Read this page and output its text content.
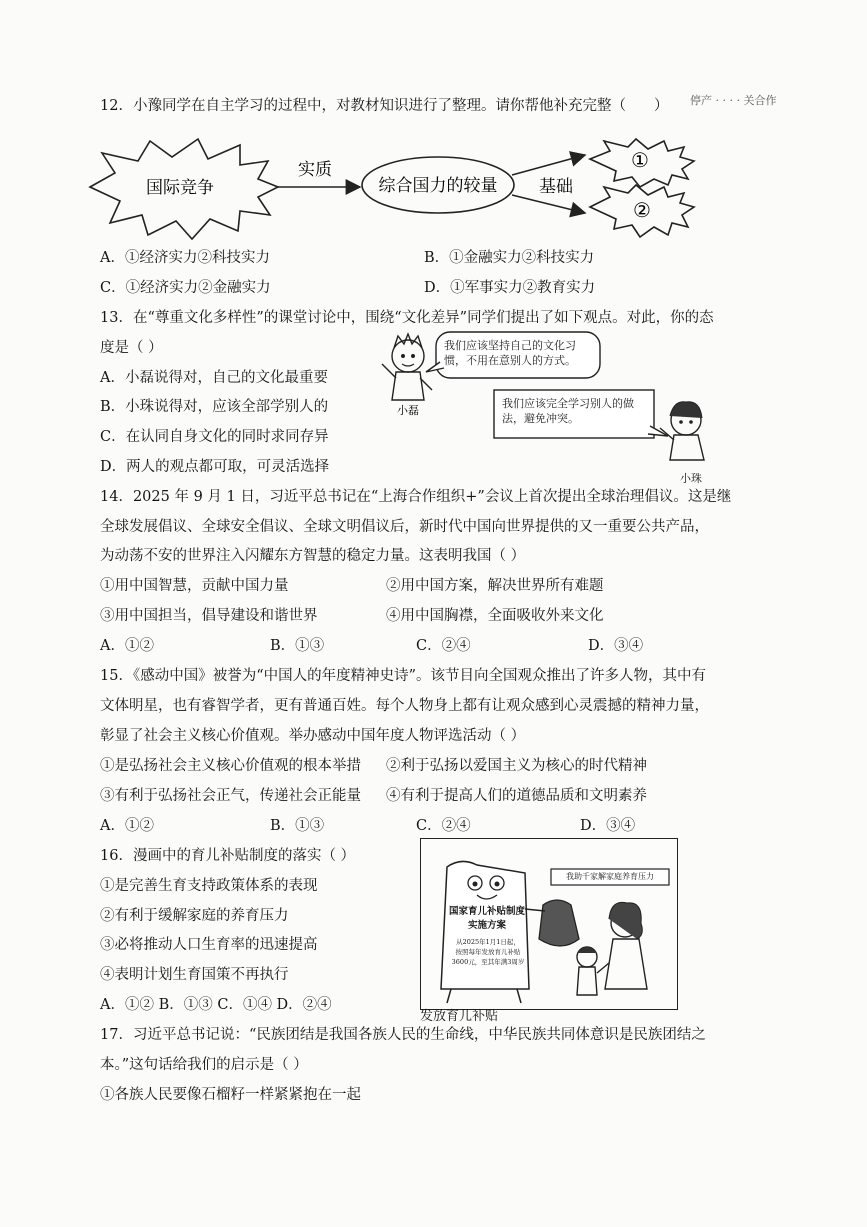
12．小豫同学在自主学习的过程中，对教材知识进行了整理。请你帮他补充完整（ ） 停产 · · · · 关合作
国际竞争
实质
综合国力的较量 基础
①
②
A．①经济实力②科技实力	B．①金融实力②科技实力
C．①经济实力②金融实力	D．①军事实力②教育实力
13．在“尊重文化多样性”的课堂讨论中，围绕“文化差异”同学们提出了如下观点。对此，你的态
度是（ ）
A．小磊说得对，自己的文化最重要
B．小珠说得对，应该全部学别人的
C．在认同自身文化的同时求同存异
D．两人的观点都可取，可灵活选择
小磊
我们应该坚持自己的文化习惯，不用在意别人的方式。
我们应该完全学习别人的做法，避免冲突。
小珠
14．2025 年 9 月 1 日，习近平总书记在“上海合作组织+”会议上首次提出全球治理倡议。这是继
全球发展倡议、全球安全倡议、全球文明倡议后，新时代中国向世界提供的又一重要公共产品，
为动荡不安的世界注入闪耀东方智慧的稳定力量。这表明我国（ ）
①用中国智慧，贡献中国力量	②用中国方案，解决世界所有难题
③用中国担当，倡导建设和谐世界	④用中国胸襟，全面吸收外来文化
A．①②	B．①③	C．②④	D．③④
15．《感动中国》被誉为“中国人的年度精神史诗”。该节目向全国观众推出了许多人物，其中有
文体明星，也有睿智学者，更有普通百姓。每个人物身上都有让观众感到心灵震撼的精神力量，
彰显了社会主义核心价值观。举办感动中国年度人物评选活动（ ）
①是弘扬社会主义核心价值观的根本举措 ②利于弘扬以爱国主义为核心的时代精神
③有利于弘扬社会正气，传递社会正能量 ④有利于提高人们的道德品质和文明素养
A．①②	B．①③	C．②④	D．③④
16．漫画中的育儿补贴制度的落实（ ）
①是完善生育支持政策体系的表现
②有利于缓解家庭的养育压力
③必将推动人口生育率的迅速提高
④表明计划生育国策不再执行
A．①② B．①③ C．①④ D．②④
我助千家解家庭养育压力
国家育儿补贴制度
实施方案
从2025年1月1日起，
按照每年发放育儿补贴
3600元，至其年满3周岁
发放育儿补贴
17．习近平总书记说：“民族团结是我国各族人民的生命线，中华民族共同体意识是民族团结之
本。”这句话给我们的启示是（ ）
①各族人民要像石榴籽一样紧紧抱在一起
